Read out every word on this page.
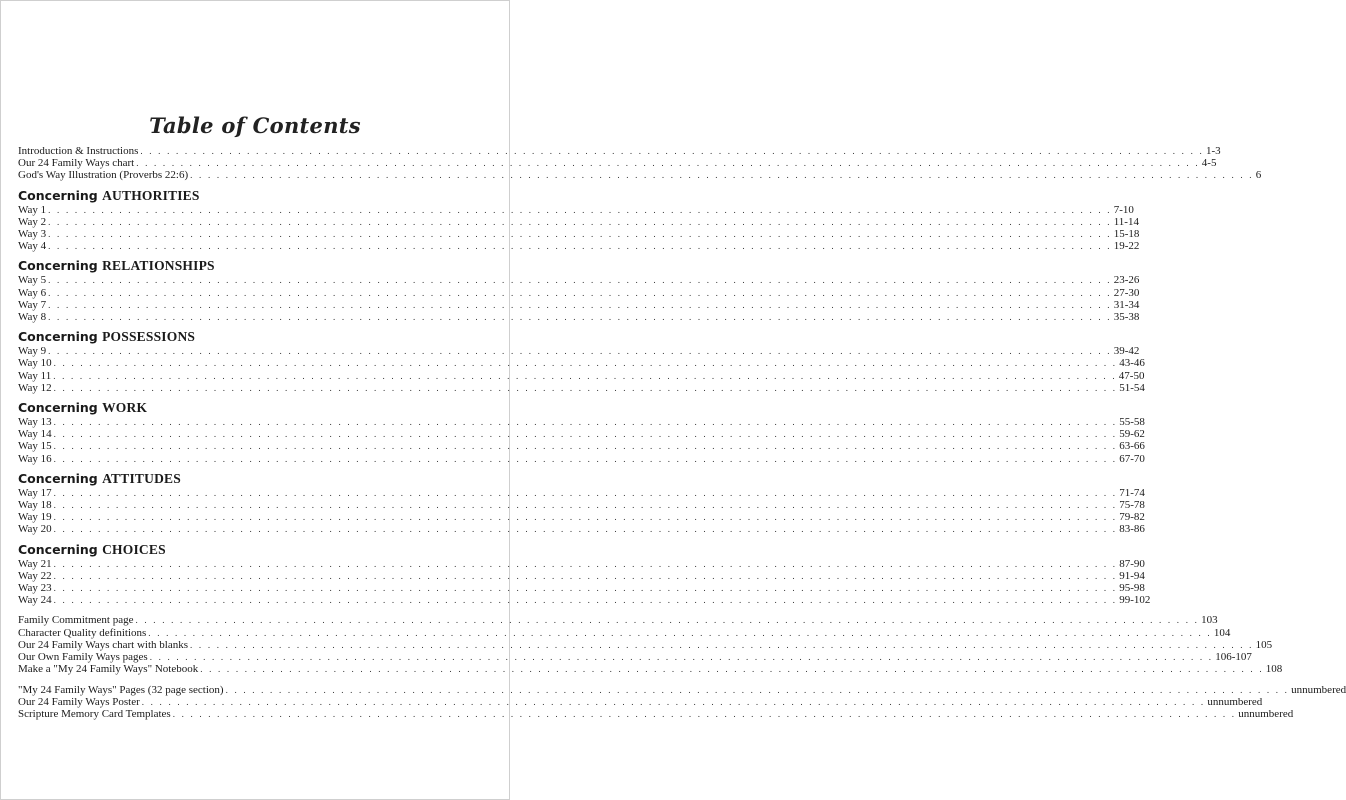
Table of Contents
Introduction & Instructions . . . . . . . . . . . . . . . . . . . . . . . . . . . . . . . . . . . . . . . . . . . . . . . . . . . . . . . . . . . . . . . . . . . . . . . . . . . . . . . . . . . . . . . . . . . . . . . . . . . . . . . . . . . . . . . . . . . . . . . . 1-3
Our 24 Family Ways chart . . . . . . . . . . . . . . . . . . . . . . . . . . . . . . . . . . . . . . . . . . . . . . . . . . . . . . . . . . . . . . . . . . . . . . . . . . . . . . . . . . . . . . . . . . . . . . . . . . . . . . . . . . . . . . . . . . . . . . . . 4-5
God's Way Illustration (Proverbs 22:6) . . . . . . . . . . . . . . . . . . . . . . . . . . . . . . . . . . . . . . . . . . . . . . . . . . . . . . . . . . . . . . . . . . . . . . . . . . . . . . . . . . . . . . . . . . . . . . . . . . . . . . . . . . . . . . . . . . . . . . . . 6
Concerning AUTHORITIES
Way 1 . . . . . . . . . . . . . . . . . . . . . . . . . . . . . . . . . . . . . . . . . . . . . . . . . . . . . . . . . . . . . . . . . . . . . . . . . . . . . . . . . . . . . . . . . . . . . . . . . . . . . . . . . . . . . . . . . . . . . . . . 7-10
Way 2 . . . . . . . . . . . . . . . . . . . . . . . . . . . . . . . . . . . . . . . . . . . . . . . . . . . . . . . . . . . . . . . . . . . . . . . . . . . . . . . . . . . . . . . . . . . . . . . . . . . . . . . . . . . . . . . . . . . . . . . . 11-14
Way 3 . . . . . . . . . . . . . . . . . . . . . . . . . . . . . . . . . . . . . . . . . . . . . . . . . . . . . . . . . . . . . . . . . . . . . . . . . . . . . . . . . . . . . . . . . . . . . . . . . . . . . . . . . . . . . . . . . . . . . . . . 15-18
Way 4 . . . . . . . . . . . . . . . . . . . . . . . . . . . . . . . . . . . . . . . . . . . . . . . . . . . . . . . . . . . . . . . . . . . . . . . . . . . . . . . . . . . . . . . . . . . . . . . . . . . . . . . . . . . . . . . . . . . . . . . . 19-22
Concerning RELATIONSHIPS
Way 5 . . . . . . . . . . . . . . . . . . . . . . . . . . . . . . . . . . . . . . . . . . . . . . . . . . . . . . . . . . . . . . . . . . . . . . . . . . . . . . . . . . . . . . . . . . . . . . . . . . . . . . . . . . . . . . . . . . . . . . . . 23-26
Way 6 . . . . . . . . . . . . . . . . . . . . . . . . . . . . . . . . . . . . . . . . . . . . . . . . . . . . . . . . . . . . . . . . . . . . . . . . . . . . . . . . . . . . . . . . . . . . . . . . . . . . . . . . . . . . . . . . . . . . . . . . 27-30
Way 7 . . . . . . . . . . . . . . . . . . . . . . . . . . . . . . . . . . . . . . . . . . . . . . . . . . . . . . . . . . . . . . . . . . . . . . . . . . . . . . . . . . . . . . . . . . . . . . . . . . . . . . . . . . . . . . . . . . . . . . . . 31-34
Way 8 . . . . . . . . . . . . . . . . . . . . . . . . . . . . . . . . . . . . . . . . . . . . . . . . . . . . . . . . . . . . . . . . . . . . . . . . . . . . . . . . . . . . . . . . . . . . . . . . . . . . . . . . . . . . . . . . . . . . . . . . 35-38
Concerning POSSESSIONS
Way 9 . . . . . . . . . . . . . . . . . . . . . . . . . . . . . . . . . . . . . . . . . . . . . . . . . . . . . . . . . . . . . . . . . . . . . . . . . . . . . . . . . . . . . . . . . . . . . . . . . . . . . . . . . . . . . . . . . . . . . . . . 39-42
Way 10 . . . . . . . . . . . . . . . . . . . . . . . . . . . . . . . . . . . . . . . . . . . . . . . . . . . . . . . . . . . . . . . . . . . . . . . . . . . . . . . . . . . . . . . . . . . . . . . . . . . . . . . . . . . . . . . . . . . . . . . . 43-46
Way 11 . . . . . . . . . . . . . . . . . . . . . . . . . . . . . . . . . . . . . . . . . . . . . . . . . . . . . . . . . . . . . . . . . . . . . . . . . . . . . . . . . . . . . . . . . . . . . . . . . . . . . . . . . . . . . . . . . . . . . . . . 47-50
Way 12 . . . . . . . . . . . . . . . . . . . . . . . . . . . . . . . . . . . . . . . . . . . . . . . . . . . . . . . . . . . . . . . . . . . . . . . . . . . . . . . . . . . . . . . . . . . . . . . . . . . . . . . . . . . . . . . . . . . . . . . . 51-54
Concerning WORK
Way 13 . . . . . . . . . . . . . . . . . . . . . . . . . . . . . . . . . . . . . . . . . . . . . . . . . . . . . . . . . . . . . . . . . . . . . . . . . . . . . . . . . . . . . . . . . . . . . . . . . . . . . . . . . . . . . . . . . . . . . . . . 55-58
Way 14 . . . . . . . . . . . . . . . . . . . . . . . . . . . . . . . . . . . . . . . . . . . . . . . . . . . . . . . . . . . . . . . . . . . . . . . . . . . . . . . . . . . . . . . . . . . . . . . . . . . . . . . . . . . . . . . . . . . . . . . . 59-62
Way 15 . . . . . . . . . . . . . . . . . . . . . . . . . . . . . . . . . . . . . . . . . . . . . . . . . . . . . . . . . . . . . . . . . . . . . . . . . . . . . . . . . . . . . . . . . . . . . . . . . . . . . . . . . . . . . . . . . . . . . . . . 63-66
Way 16 . . . . . . . . . . . . . . . . . . . . . . . . . . . . . . . . . . . . . . . . . . . . . . . . . . . . . . . . . . . . . . . . . . . . . . . . . . . . . . . . . . . . . . . . . . . . . . . . . . . . . . . . . . . . . . . . . . . . . . . . 67-70
Concerning ATTITUDES
Way 17 . . . . . . . . . . . . . . . . . . . . . . . . . . . . . . . . . . . . . . . . . . . . . . . . . . . . . . . . . . . . . . . . . . . . . . . . . . . . . . . . . . . . . . . . . . . . . . . . . . . . . . . . . . . . . . . . . . . . . . . . 71-74
Way 18 . . . . . . . . . . . . . . . . . . . . . . . . . . . . . . . . . . . . . . . . . . . . . . . . . . . . . . . . . . . . . . . . . . . . . . . . . . . . . . . . . . . . . . . . . . . . . . . . . . . . . . . . . . . . . . . . . . . . . . . . 75-78
Way 19 . . . . . . . . . . . . . . . . . . . . . . . . . . . . . . . . . . . . . . . . . . . . . . . . . . . . . . . . . . . . . . . . . . . . . . . . . . . . . . . . . . . . . . . . . . . . . . . . . . . . . . . . . . . . . . . . . . . . . . . . 79-82
Way 20 . . . . . . . . . . . . . . . . . . . . . . . . . . . . . . . . . . . . . . . . . . . . . . . . . . . . . . . . . . . . . . . . . . . . . . . . . . . . . . . . . . . . . . . . . . . . . . . . . . . . . . . . . . . . . . . . . . . . . . . . 83-86
Concerning CHOICES
Way 21 . . . . . . . . . . . . . . . . . . . . . . . . . . . . . . . . . . . . . . . . . . . . . . . . . . . . . . . . . . . . . . . . . . . . . . . . . . . . . . . . . . . . . . . . . . . . . . . . . . . . . . . . . . . . . . . . . . . . . . . . 87-90
Way 22 . . . . . . . . . . . . . . . . . . . . . . . . . . . . . . . . . . . . . . . . . . . . . . . . . . . . . . . . . . . . . . . . . . . . . . . . . . . . . . . . . . . . . . . . . . . . . . . . . . . . . . . . . . . . . . . . . . . . . . . . 91-94
Way 23 . . . . . . . . . . . . . . . . . . . . . . . . . . . . . . . . . . . . . . . . . . . . . . . . . . . . . . . . . . . . . . . . . . . . . . . . . . . . . . . . . . . . . . . . . . . . . . . . . . . . . . . . . . . . . . . . . . . . . . . . 95-98
Way 24 . . . . . . . . . . . . . . . . . . . . . . . . . . . . . . . . . . . . . . . . . . . . . . . . . . . . . . . . . . . . . . . . . . . . . . . . . . . . . . . . . . . . . . . . . . . . . . . . . . . . . . . . . . . . . . . . . . . . . . . . 99-102
Family Commitment page . . . . . . . . . . . . . . . . . . . . . . . . . . . . . . . . . . . . . . . . . . . . . . . . . . . . . . . . . . . . . . . . . . . . . . . . . . . . . . . . . . . . . . . . . . . . . . . . . . . . . . . . . . . . . . . . . . . . . . . . 103
Character Quality definitions . . . . . . . . . . . . . . . . . . . . . . . . . . . . . . . . . . . . . . . . . . . . . . . . . . . . . . . . . . . . . . . . . . . . . . . . . . . . . . . . . . . . . . . . . . . . . . . . . . . . . . . . . . . . . . . . . . . . . . . . 104
Our 24 Family Ways chart with blanks . . . . . . . . . . . . . . . . . . . . . . . . . . . . . . . . . . . . . . . . . . . . . . . . . . . . . . . . . . . . . . . . . . . . . . . . . . . . . . . . . . . . . . . . . . . . . . . . . . . . . . . . . . . . . . . . . . . . . . . . 105
Our Own Family Ways pages . . . . . . . . . . . . . . . . . . . . . . . . . . . . . . . . . . . . . . . . . . . . . . . . . . . . . . . . . . . . . . . . . . . . . . . . . . . . . . . . . . . . . . . . . . . . . . . . . . . . . . . . . . . . . . . . . . . . . . . . 106-107
Make a "My 24 Family Ways" Notebook . . . . . . . . . . . . . . . . . . . . . . . . . . . . . . . . . . . . . . . . . . . . . . . . . . . . . . . . . . . . . . . . . . . . . . . . . . . . . . . . . . . . . . . . . . . . . . . . . . . . . . . . . . . . . . . . . . . . . . . . 108
"My 24 Family Ways" Pages (32 page section) . . . . . . . . . . . . . . . . . . . . . . . . . . . . . . . . . . . . . . . . . . . . . . . . . . . . . . . . . . . . . . . . . . . . . . . . . . . . . . . . . . . . . . . . . . . . . . . . . . . . . . . . . . . . . . . . . . . . . . . . unnumbered
Our 24 Family Ways Poster . . . . . . . . . . . . . . . . . . . . . . . . . . . . . . . . . . . . . . . . . . . . . . . . . . . . . . . . . . . . . . . . . . . . . . . . . . . . . . . . . . . . . . . . . . . . . . . . . . . . . . . . . . . . . . . . . . . . . . . . unnumbered
Scripture Memory Card Templates . . . . . . . . . . . . . . . . . . . . . . . . . . . . . . . . . . . . . . . . . . . . . . . . . . . . . . . . . . . . . . . . . . . . . . . . . . . . . . . . . . . . . . . . . . . . . . . . . . . . . . . . . . . . . . . . . . . . . . . . unnumbered
